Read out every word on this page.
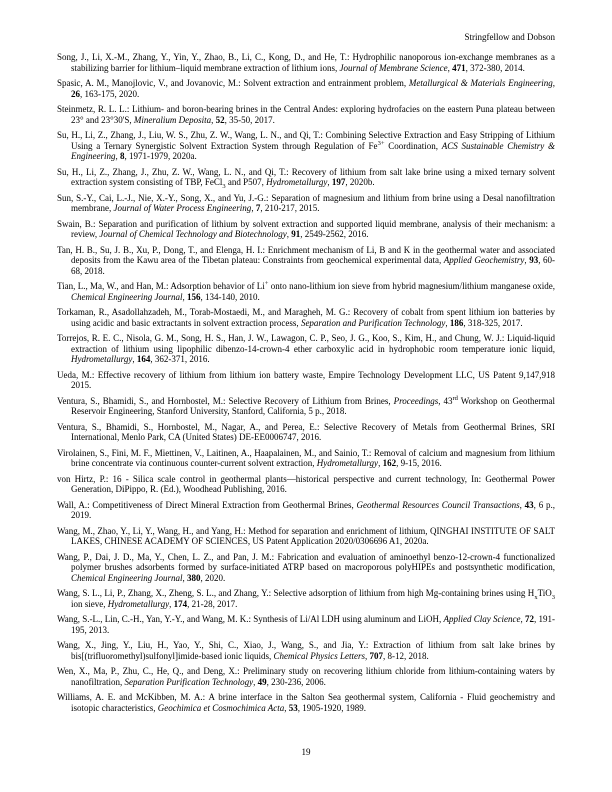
Stringfellow and Dobson
Song, J., Li, X.-M., Zhang, Y., Yin, Y., Zhao, B., Li, C., Kong, D., and He, T.: Hydrophilic nanoporous ion-exchange membranes as a stabilizing barrier for lithium–liquid membrane extraction of lithium ions, Journal of Membrane Science, 471, 372-380, 2014.
Spasic, A. M., Manojlovic, V., and Jovanovic, M.: Solvent extraction and entrainment problem, Metallurgical & Materials Engineering, 26, 163-175, 2020.
Steinmetz, R. L. L.: Lithium- and boron-bearing brines in the Central Andes: exploring hydrofacies on the eastern Puna plateau between 23° and 23°30'S, Mineralium Deposita, 52, 35-50, 2017.
Su, H., Li, Z., Zhang, J., Liu, W. S., Zhu, Z. W., Wang, L. N., and Qi, T.: Combining Selective Extraction and Easy Stripping of Lithium Using a Ternary Synergistic Solvent Extraction System through Regulation of $Fe^{3+}$ Coordination, ACS Sustainable Chemistry & Engineering, 8, 1971-1979, 2020a.
Su, H., Li, Z., Zhang, J., Zhu, Z. W., Wang, L. N., and Qi, T.: Recovery of lithium from salt lake brine using a mixed ternary solvent extraction system consisting of TBP, FeCl$_3$ and P507, Hydrometallurgy, 197, 2020b.
Sun, S.-Y., Cai, L.-J., Nie, X.-Y., Song, X., and Yu, J.-G.: Separation of magnesium and lithium from brine using a Desal nanofiltration membrane, Journal of Water Process Engineering, 7, 210-217, 2015.
Swain, B.: Separation and purification of lithium by solvent extraction and supported liquid membrane, analysis of their mechanism: a review, Journal of Chemical Technology and Biotechnology, 91, 2549-2562, 2016.
Tan, H. B., Su, J. B., Xu, P., Dong, T., and Elenga, H. I.: Enrichment mechanism of Li, B and K in the geothermal water and associated deposits from the Kawu area of the Tibetan plateau: Constraints from geochemical experimental data, Applied Geochemistry, 93, 60-68, 2018.
Tian, L., Ma, W., and Han, M.: Adsorption behavior of Li+ onto nano-lithium ion sieve from hybrid magnesium/lithium manganese oxide, Chemical Engineering Journal, 156, 134-140, 2010.
Torkaman, R., Asadollahzadeh, M., Torab-Mostaedi, M., and Maragheh, M. G.: Recovery of cobalt from spent lithium ion batteries by using acidic and basic extractants in solvent extraction process, Separation and Purification Technology, 186, 318-325, 2017.
Torrejos, R. E. C., Nisola, G. M., Song, H. S., Han, J. W., Lawagon, C. P., Seo, J. G., Koo, S., Kim, H., and Chung, W. J.: Liquid-liquid extraction of lithium using lipophilic dibenzo-14-crown-4 ether carboxylic acid in hydrophobic room temperature ionic liquid, Hydrometallurgy, 164, 362-371, 2016.
Ueda, M.: Effective recovery of lithium from lithium ion battery waste, Empire Technology Development LLC, US Patent 9,147,918 2015.
Ventura, S., Bhamidi, S., and Hornbostel, M.: Selective Recovery of Lithium from Brines, Proceedings, 43rd Workshop on Geothermal Reservoir Engineering, Stanford University, Stanford, California, 5 p., 2018.
Ventura, S., Bhamidi, S., Hornbostel, M., Nagar, A., and Perea, E.: Selective Recovery of Metals from Geothermal Brines, SRI International, Menlo Park, CA (United States) DE-EE0006747, 2016.
Virolainen, S., Fini, M. F., Miettinen, V., Laitinen, A., Haapalainen, M., and Sainio, T.: Removal of calcium and magnesium from lithium brine concentrate via continuous counter-current solvent extraction, Hydrometallurgy, 162, 9-15, 2016.
von Hirtz, P.: 16 - Silica scale control in geothermal plants—historical perspective and current technology, In: Geothermal Power Generation, DiPippo, R. (Ed.), Woodhead Publishing, 2016.
Wall, A.: Competitiveness of Direct Mineral Extraction from Geothermal Brines, Geothermal Resources Council Transactions, 43, 6 p., 2019.
Wang, M., Zhao, Y., Li, Y., Wang, H., and Yang, H.: Method for separation and enrichment of lithium, QINGHAI INSTITUTE OF SALT LAKES, CHINESE ACADEMY OF SCIENCES, US Patent Application 2020/0306696 A1, 2020a.
Wang, P., Dai, J. D., Ma, Y., Chen, L. Z., and Pan, J. M.: Fabrication and evaluation of aminoethyl benzo-12-crown-4 functionalized polymer brushes adsorbents formed by surface-initiated ATRP based on macroporous polyHIPEs and postsynthetic modification, Chemical Engineering Journal, 380, 2020.
Wang, S. L., Li, P., Zhang, X., Zheng, S. L., and Zhang, Y.: Selective adsorption of lithium from high Mg-containing brines using $H_xTiO_3$ ion sieve, Hydrometallurgy, 174, 21-28, 2017.
Wang, S.-L., Lin, C.-H., Yan, Y.-Y., and Wang, M. K.: Synthesis of Li/Al LDH using aluminum and LiOH, Applied Clay Science, 72, 191-195, 2013.
Wang, X., Jing, Y., Liu, H., Yao, Y., Shi, C., Xiao, J., Wang, S., and Jia, Y.: Extraction of lithium from salt lake brines by bis[(trifluoromethyl)sulfonyl]imide-based ionic liquids, Chemical Physics Letters, 707, 8-12, 2018.
Wen, X., Ma, P., Zhu, C., He, Q., and Deng, X.: Preliminary study on recovering lithium chloride from lithium-containing waters by nanofiltration, Separation Purification Technology, 49, 230-236, 2006.
Williams, A. E. and McKibben, M. A.: A brine interface in the Salton Sea geothermal system, California - Fluid geochemistry and isotopic characteristics, Geochimica et Cosmochimica Acta, 53, 1905-1920, 1989.
19
